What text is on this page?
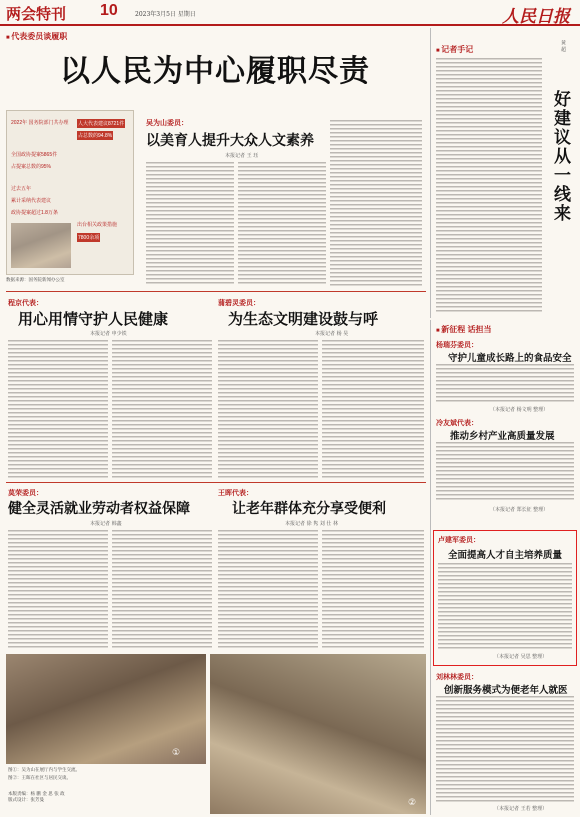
两会特刊 10	2023年3月5日 星期日	人民日报
■ 代表委员谈履职
以人民为中心履职尽责
2022年 国务院部门共办理 人大代表建议8721件
占总数的94.8%
全国政协提案5865件
占提案总数的95%
过去五年
累计采纳代表建议
政协提案超过1.8万条
出台相关政策措施
7800余项
数据来源：国务院新闻办公室
吴为山委员：
以美育人提升大众人文素养
本报记者 王 珏
■ 记者手记
好建议从一线来
黄 超
程京代表：
用心用情守护人民健康
本报记者 申少铁
蒲碧灵委员：
为生态文明建设鼓与呼
本报记者 杨 昊
莫荣委员：
健全灵活就业劳动者权益保障
本报记者 韩鑫
王晖代表：
让老年群体充分享受便利
本报记者 徐 隽 刘 仕 林
①
②
图①：吴为山在展厅内与学生交流。
图②：王晖在社区与居民交谈。
本版责编：杨 鹏 金 思 张 政
版式设计：张芳曼
■ 新征程 话担当
杨瑞芬委员：
守护儿童成长路上的食品安全
（本报记者 杨文明 整理）
冷友斌代表：
推动乡村产业高质量发展
（本报记者 郑长征 整理）
卢建军委员：
全面提高人才自主培养质量
（本报记者 吴思 整理）
刘林林委员：
创新服务模式为便老年人就医
（本报记者 王若 整理）
